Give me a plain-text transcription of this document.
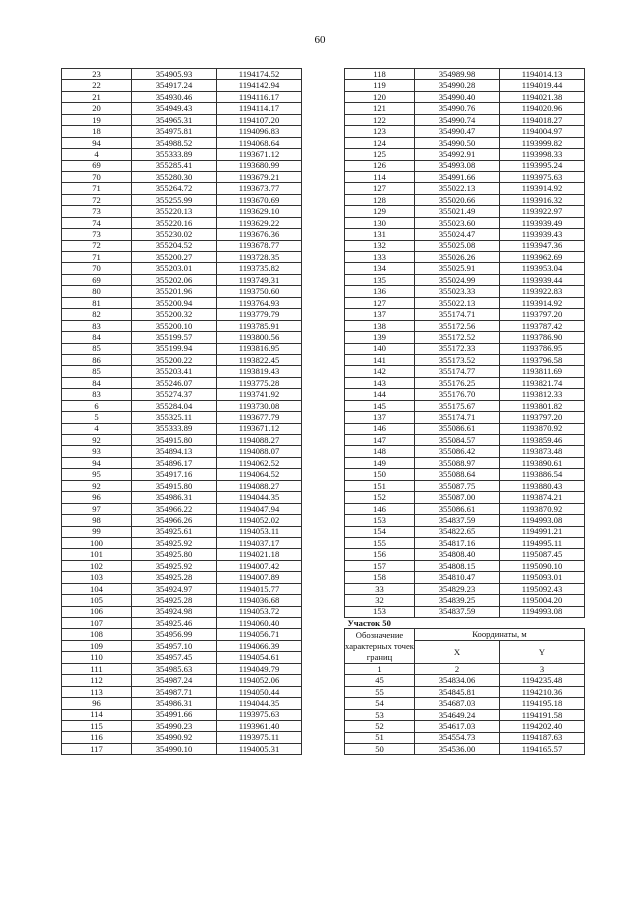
60
23	354905.93	1194174.52
22	354917.24	1194142.94
21	354930.46	1194116.17
20	354949.43	1194114.17
19	354965.31	1194107.20
18	354975.81	1194096.83
94	354988.52	1194068.64
4	355333.89	1193671.12
69	355285.41	1193680.99
70	355280.30	1193679.21
71	355264.72	1193673.77
72	355255.99	1193670.69
73	355220.13	1193629.10
74	355220.16	1193629.22
73	355230.02	1193676.36
72	355204.52	1193678.77
71	355200.27	1193728.35
70	355203.01	1193735.82
69	355202.06	1193749.31
80	355201.96	1193750.60
81	355200.94	1193764.93
82	355200.32	1193779.79
83	355200.10	1193785.91
84	355199.57	1193800.56
85	355199.94	1193816.95
86	355200.22	1193822.45
85	355203.41	1193819.43
84	355246.07	1193775.28
83	355274.37	1193741.92
6	355284.04	1193730.08
5	355325.11	1193677.79
4	355333.89	1193671.12
92	354915.80	1194088.27
93	354894.13	1194088.07
94	354896.17	1194062.52
95	354917.16	1194064.52
92	354915.80	1194088.27
96	354986.31	1194044.35
97	354966.22	1194047.94
98	354966.26	1194052.02
99	354925.61	1194053.11
100	354925.92	1194037.17
101	354925.80	1194021.18
102	354925.92	1194007.42
103	354925.28	1194007.89
104	354924.97	1194015.77
105	354925.28	1194036.68
106	354924.98	1194053.72
107	354925.46	1194060.40
108	354956.99	1194056.71
109	354957.10	1194066.39
110	354957.45	1194054.61
111	354985.63	1194049.79
112	354987.24	1194052.06
113	354987.71	1194050.44
96	354986.31	1194044.35
114	354991.66	1193975.63
115	354990.23	1193961.40
116	354990.92	1193975.11
117	354990.10	1194005.31
118	354989.98	1194014.13
119	354990.28	1194019.44
120	354990.40	1194021.38
121	354990.76	1194020.96
122	354990.74	1194018.27
123	354990.47	1194004.97
124	354990.50	1193999.82
125	354992.91	1193998.33
126	354993.08	1193995.24
114	354991.66	1193975.63
127	355022.13	1193914.92
128	355020.66	1193916.32
129	355021.49	1193922.97
130	355023.60	1193939.49
131	355024.47	1193939.43
132	355025.08	1193947.36
133	355026.26	1193962.69
134	355025.91	1193953.04
135	355024.99	1193939.44
136	355023.33	1193922.83
127	355022.13	1193914.92
137	355174.71	1193797.20
138	355172.56	1193787.42
139	355172.52	1193786.90
140	355172.33	1193786.95
141	355173.52	1193796.58
142	355174.77	1193811.69
143	355176.25	1193821.74
144	355176.70	1193812.33
145	355175.67	1193801.82
137	355174.71	1193797.20
146	355086.61	1193870.92
147	355084.57	1193859.46
148	355086.42	1193873.48
149	355088.97	1193890.61
150	355088.64	1193886.54
151	355087.75	1193880.43
152	355087.00	1193874.21
146	355086.61	1193870.92
153	354837.59	1194993.08
154	354822.65	1194991.21
155	354817.16	1194995.11
156	354808.40	1195087.45
157	354808.15	1195090.10
158	354810.47	1195093.01
33	354829.23	1195092.43
32	354839.25	1195004.20
153	354837.59	1194993.08
Участок 50		
Обозначение характерных точек границ	Координаты, м	
	X	Y
1	2	3
45	354834.06	1194235.48
55	354845.81	1194210.36
54	354687.03	1194195.18
53	354649.24	1194191.58
52	354617.03	1194202.40
51	354554.73	1194187.63
50	354536.00	1194165.57
